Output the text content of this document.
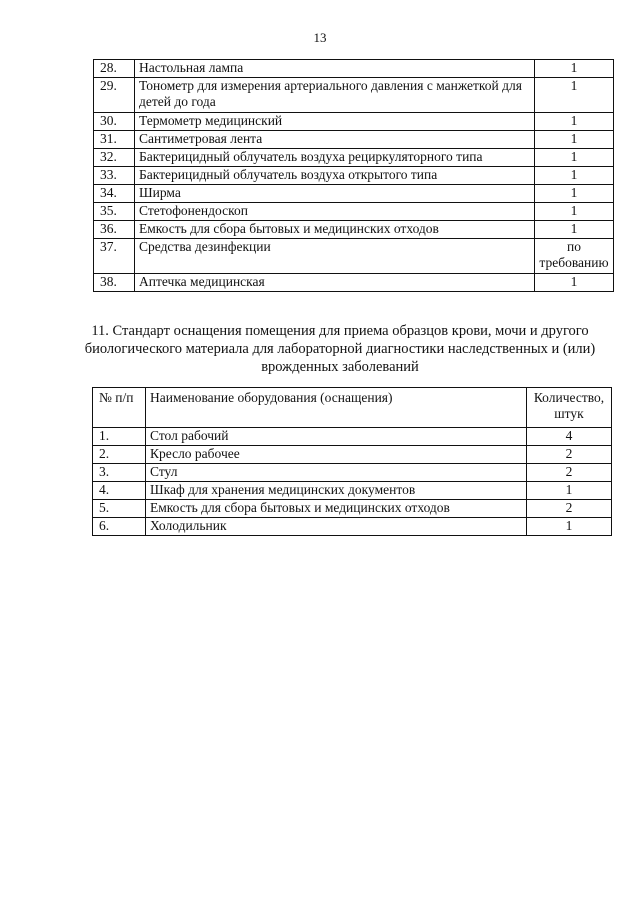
13
28.	Настольная лампа	1
29.	Тонометр для измерения артериального давления с манжеткой для детей до года	1
30.	Термометр медицинский	1
31.	Сантиметровая лента	1
32.	Бактерицидный облучатель воздуха рециркуляторного типа	1
33.	Бактерицидный облучатель воздуха открытого типа	1
34.	Ширма	1
35.	Стетофонендоскоп	1
36.	Емкость для сбора бытовых и медицинских отходов	1
37.	Средства дезинфекции	по требованию
38.	Аптечка медицинская	1
11. Стандарт оснащения помещения для приема образцов крови, мочи и другого биологического материала для лабораторной диагностики наследственных и (или) врожденных заболеваний
№ п/п	Наименование оборудования (оснащения)	Количество, штук
1.	Стол рабочий	4
2.	Кресло рабочее	2
3.	Стул	2
4.	Шкаф для хранения медицинских документов	1
5.	Емкость для сбора бытовых и медицинских отходов	2
6.	Холодильник	1
